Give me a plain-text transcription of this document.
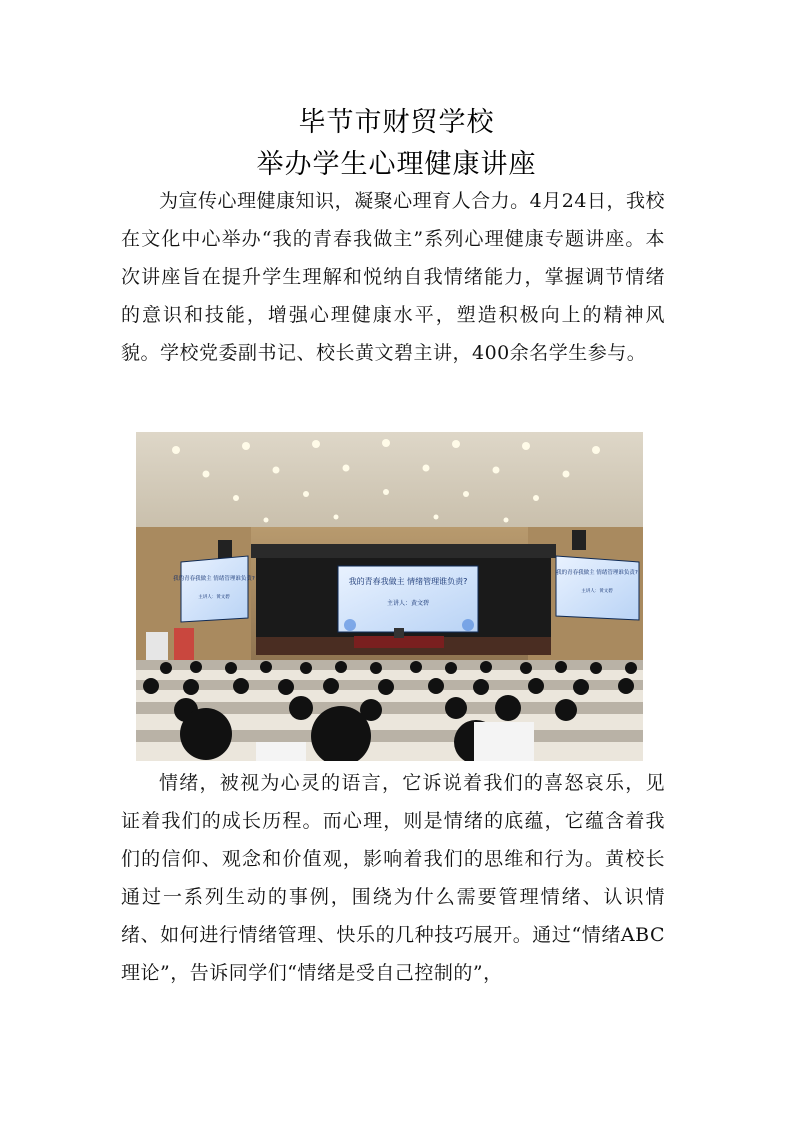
毕节市财贸学校
举办学生心理健康讲座

为宣传心理健康知识，凝聚心理育人合力。4月24日，我校在文化中心举办“我的青春我做主”系列心理健康专题讲座。本次讲座旨在提升学生理解和悦纳自我情绪能力，掌握调节情绪的意识和技能，增强心理健康水平，塑造积极向上的精神风貌。学校党委副书记、校长黄文碧主讲，400余名学生参与。

我的青春我做主 情绪管理谁负责?
主讲人：黄文碧
我的青春我做主 情绪管理谁负责?
主讲人：黄文碧
我的青春我做主 情绪管理谁负责?
主讲人：黄文碧

情绪，被视为心灵的语言，它诉说着我们的喜怒哀乐，见证着我们的成长历程。而心理，则是情绪的底蕴，它蕴含着我们的信仰、观念和价值观，影响着我们的思维和行为。黄校长通过一系列生动的事例，围绕为什么需要管理情绪、认识情绪、如何进行情绪管理、快乐的几种技巧展开。通过“情绪ABC理论”，告诉同学们“情绪是受自己控制的”，
